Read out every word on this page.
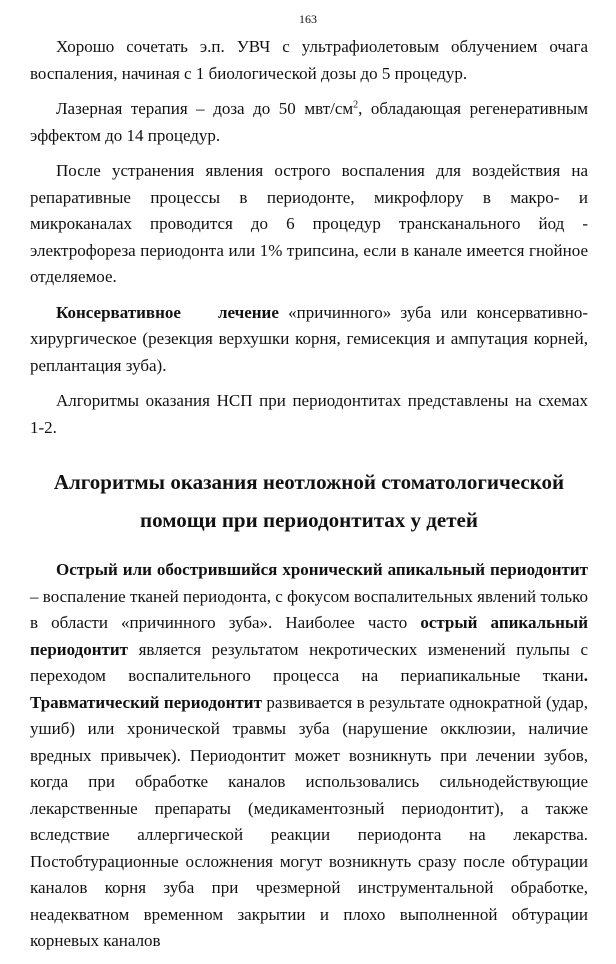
163

Хорошо сочетать э.п. УВЧ с ультрафиолетовым облучением очага воспаления, начиная с 1 биологической дозы до 5 процедур.

Лазерная терапия – доза до 50 мвт/$см^2$, обладающая регенеративным эффектом до 14 процедур.

После устранения явления острого воспаления для воздействия на репаративные процессы в периодонте, микрофлору в макро- и микроканалах проводится до 6 процедур трансканального йод - электрофореза периодонта или 1% трипсина, если в канале имеется гнойное отделяемое.

Консервативное лечение «причинного» зуба или консервативно-хирургическое (резекция верхушки корня, гемисекция и ампутация корней, реплантация зуба).

Алгоритмы оказания НСП при периодонтитах представлены на схемах 1-2.

Алгоритмы оказания неотложной стоматологической помощи при периодонтитах у детей

Острый или обострившийся хронический апикальный периодонтит – воспаление тканей периодонта, с фокусом воспалительных явлений только в области «причинного зуба». Наиболее часто острый апикальный периодонтит является результатом некротических изменений пульпы с переходом воспалительного процесса на периапикальные ткани. Травматический периодонтит развивается в результате однократной (удар, ушиб) или хронической травмы зуба (нарушение окклюзии, наличие вредных привычек). Периодонтит может возникнуть при лечении зубов, когда при обработке каналов использовались сильнодействующие лекарственные препараты (медикаментозный периодонтит), а также вследствие аллергической реакции периодонта на лекарства. Постобтурационные осложнения могут возникнуть сразу после обтурации каналов корня зуба при чрезмерной инструментальной обработке, неадекватном временном закрытии и плохо выполненной обтурации корневых каналов
